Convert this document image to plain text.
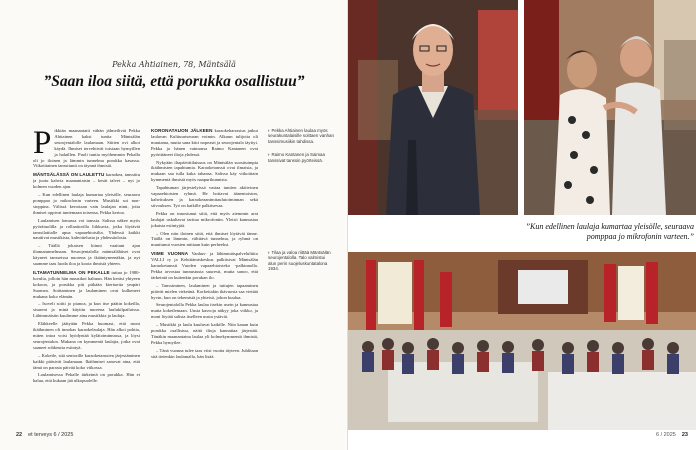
Pekka Ahtiainen, 78, Mäntsälä
”Saan iloa siitä, että porukka osallistuu”

Pikkiän maanantaiti vähän jälmeiltvät Pekka Ahtiainen kaksi tuntia Mäntsälän seurojentalolle laulamaan. Siitten ovi alkoi käydä. Ihmiset tervehtivät toisiaan hymyillen ja halaillen. Puoli tuntia myöhemmin Pekalla oli jo iloinen ja lämmin tunnelma porukka kasassa. Viikoittainen tanssitunti on täynnä ihmisiä.

MÄNTSÄLÄSSÄ ON LAULETTU karaokea, tanssittu ja juotu kahvia maanantaisin – kesät talvet – nyt jo kolmen vuoden ajan.

– Kun edellinen laulaja kumartaa yleisölle, seuraava pomppaa jo mikrofonin varteen. Musiikki soi non-stoppina. Välissä kerrotaan vain laulajan nimi, jotta ihmiset oppivat tuntemaan toisensa, Pekka kertoo.

Laulamisen lomassa voi tanssia. Salissa näkee myös pyörätuolilla ja rollaattorilla liikkuvia, jotka löytävät tanssilattialle apua vapaaehtoisilta. Yhdessä kaikki nauttivat musiikista, kahvittelusta ja yhdessäolosta.

– Täällä jokaisen kiinni vaatiani ajan iltamatunnelmaan. Seurojentalolla mäntsäläläiset ovat käyneet tansseissa nuorena ja ikääntyneenäkin, ja nyt saamme taas luoda iloa ja koota ihmisiä yhteen.

ILTAMATUNNELMA ON PEKALLE tuttua jo 1980-luvulta, jolloin hän muusikot haltuun. Hän keräsi yhtyeen kokoon, ja porukka piti pitkään kiertueita ympäri Suomea. Soittaminen ja laulaminen ovat kulkeneet mukana koko elämän.

– Isoveli soitti jo pianoa, ja kun itse päätin kokeilla, sisareni ja minä käytiin nuorena laulukilpailuissa. Lähimmäisiin kuulimme aina musiikkia ja lauluja.

Eläkkeelle jäätyään Pekka huomasi, että moni ikäihminen oli innokas karaokelaulaja. Hän alkoi pohtia, miten intoa voisi hyödyntää kylätoiminnassa, ja löysi seurojentalon. Mukana on kymmeniä laulajia, jotka ovat saaneet rohkeutta esiintyä.

– Kokeile, sitä seniorille karaoketanssien järjestäminen kaikki pääsivät laulamaan. Ikäihmiset sanovat aina, että tämä on parasta päivää koko viikossa.

Laulamisessa Pekalle tärkeintä on porukka. Hän ei halua, että kukaan jää ulkopuolelle.

KORONATAUON JÄLKEEN karaokeharrastus jatkui laulavan Kulttuuriseuran voimin. Alkuun tulijoita oli muutama, mutta sana kiiri nopeasti ja seurojentalo täyttyi. Pekka ja hänen vaimonsa Raimo Kantanen ovat pyörittäneet iltoja yhdessä.

Nykyään iltapäivätilaisuus on Mäntsälän suosituimpia ikäihmisten tapahtumia. Karaoketanssit ovat ilmaisia, ja mukaan saa tulla kuka tahansa. Salissa käy viikoittain kymmeniä ihmisiä myös naapurikunnista.

Tapahtuman järjestelyissä vastaa tuntien aktiivinen vapaaehtoisten ryhmä. He hoitavat äänentoiston, kahvituksen ja karaokeaanimitaulutoiminnan sekä siivouksen. Työ on kaikille palkitsevaa.

Pekka on innostunut siitä, että myös aiemmin arat laulajat uskaltavat tarttua mikrofoniin. Yleisö kannustaa jokaista esiintyjää.

– Olen niin iloinen siitä, että ihmiset löytävät tänne. Täällä on lämmin, välittävä tunnelma, ja ryhmä on muuttunut vuosien mittaan kuin perheeksi.

VIIME VUONNA Vanhus- ja lähimmäispalveluliitto VALLI ry ja Kehittämiskeskus palkitsivat Mäntsälän karaoketanssit Vuoden vapaaehtoisteko -palkinnolla. Pekka arvostaa tunnustusta suuresti, mutta sanoo, että tärkeintä on kuitenkin porukan ilo.

– Tanssiminen, laulaminen ja tuttujen tapaaminen pitävät mielen virkeänä. Korkeitakin ikävuosia saa viettää hyvin, kun on tekemistä ja yhteisö, johon kuulua.

Seurojentalolla Pekka laulaa itsekin usein ja kannustaa muita kokeilemaan. Uusia kasvoja näkyy joka viikko, ja moni löytää salista itselleen uusia ystäviä.

– Musiikki ja laulu kuuluvat kaikille. Niin kauan kuin porukka osallistuu, näitä iltoja kannattaa järjestää. Tänäkin maanantaina laulaa yli kolmekymmentä ihmistä, Pekka hymyilee.

– Tänä vuonna tulee taas viisi vuotta täyteen. Juhlitaan sitä tietenkin laulamalla, hän lisää.

› Pekka Ahtiainen laulaa myös seurakuntalaisille soittaen vanhan tanssimusiikin tahdissa.
› Raimo Kantanen ja Saimaa tanssivat tanssin pyörteissä.
22 et terveys 6 / 2025
”Kun edellinen laulaja kumartaa yleisölle, seuraava pomppaa jo mikrofonin varteen.”
6 / 2025 23
› Tilaa ja valoa riittää Mäntsälän seurojentalolla. Talo valmistui alun perin suojeluskuntatalona 1934.
